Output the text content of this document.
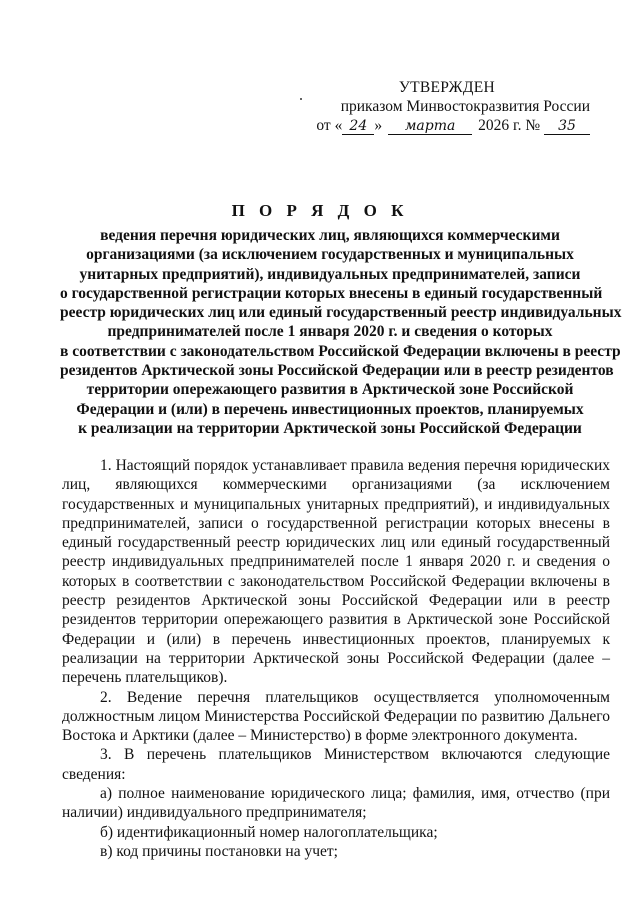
УТВЕРЖДЕН
приказом Минвостокразвития России
от « 24 » марта 2026 г. № 35
П О Р Я Д О К
ведения перечня юридических лиц, являющихся коммерческими
организациями (за исключением государственных и муниципальных
унитарных предприятий), индивидуальных предпринимателей, записи
о государственной регистрации которых внесены в единый государственный
реестр юридических лиц или единый государственный реестр индивидуальных
предпринимателей после 1 января 2020 г. и сведения о которых
в соответствии с законодательством Российской Федерации включены в реестр
резидентов Арктической зоны Российской Федерации или в реестр резидентов
территории опережающего развития в Арктической зоне Российской
Федерации и (или) в перечень инвестиционных проектов, планируемых
к реализации на территории Арктической зоны Российской Федерации

1. Настоящий порядок устанавливает правила ведения перечня юридических лиц, являющихся коммерческими организациями (за исключением государственных и муниципальных унитарных предприятий), и индивидуальных предпринимателей, записи о государственной регистрации которых внесены в единый государственный реестр юридических лиц или единый государственный реестр индивидуальных предпринимателей после 1 января 2020 г. и сведения о которых в соответствии с законодательством Российской Федерации включены в реестр резидентов Арктической зоны Российской Федерации или в реестр резидентов территории опережающего развития в Арктической зоне Российской Федерации и (или) в перечень инвестиционных проектов, планируемых к реализации на территории Арктической зоны Российской Федерации (далее – перечень плательщиков).

2. Ведение перечня плательщиков осуществляется уполномоченным должностным лицом Министерства Российской Федерации по развитию Дальнего Востока и Арктики (далее – Министерство) в форме электронного документа.

3. В перечень плательщиков Министерством включаются следующие сведения:

а) полное наименование юридического лица; фамилия, имя, отчество (при наличии) индивидуального предпринимателя;

б) идентификационный номер налогоплательщика;

в) код причины постановки на учет;
